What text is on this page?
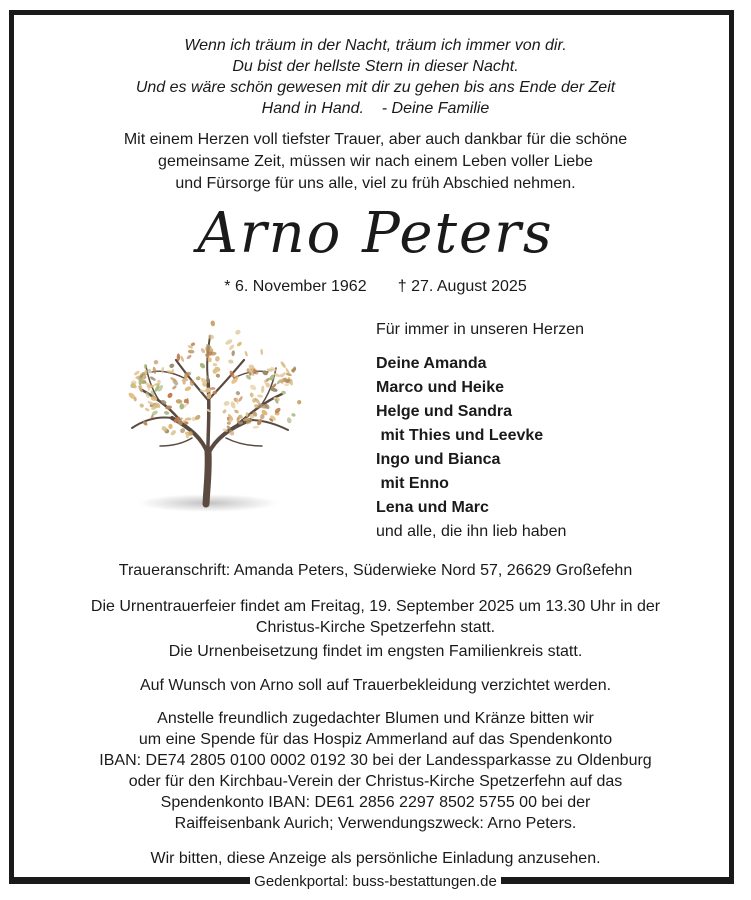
Wenn ich träum in der Nacht, träum ich immer von dir.
Du bist der hellste Stern in dieser Nacht.
Und es wäre schön gewesen mit dir zu gehen bis ans Ende der Zeit
Hand in Hand.    - Deine Familie
Mit einem Herzen voll tiefster Trauer, aber auch dankbar für die schöne
gemeinsame Zeit, müssen wir nach einem Leben voller Liebe
und Fürsorge für uns alle, viel zu früh Abschied nehmen.
Arno Peters
* 6. November 1962 † 27. August 2025
Für immer in unseren Herzen
Deine Amanda
Marco und Heike
Helge und Sandra
mit Thies und Leevke
Ingo und Bianca
mit Enno
Lena und Marc
und alle, die ihn lieb haben
Traueranschrift: Amanda Peters, Süderwieke Nord 57, 26629 Großefehn
Die Urnentrauerfeier findet am Freitag, 19. September 2025 um 13.30 Uhr in der
Christus-Kirche Spetzerfehn statt.
Die Urnenbeisetzung findet im engsten Familienkreis statt.
Auf Wunsch von Arno soll auf Trauerbekleidung verzichtet werden.
Anstelle freundlich zugedachter Blumen und Kränze bitten wir
um eine Spende für das Hospiz Ammerland auf das Spendenkonto
IBAN: DE74 2805 0100 0002 0192 30 bei der Landessparkasse zu Oldenburg
oder für den Kirchbau-Verein der Christus-Kirche Spetzerfehn auf das
Spendenkonto IBAN: DE61 2856 2297 8502 5755 00 bei der
Raiffeisenbank Aurich; Verwendungszweck: Arno Peters.
Wir bitten, diese Anzeige als persönliche Einladung anzusehen.
Gedenkportal: buss-bestattungen.de
